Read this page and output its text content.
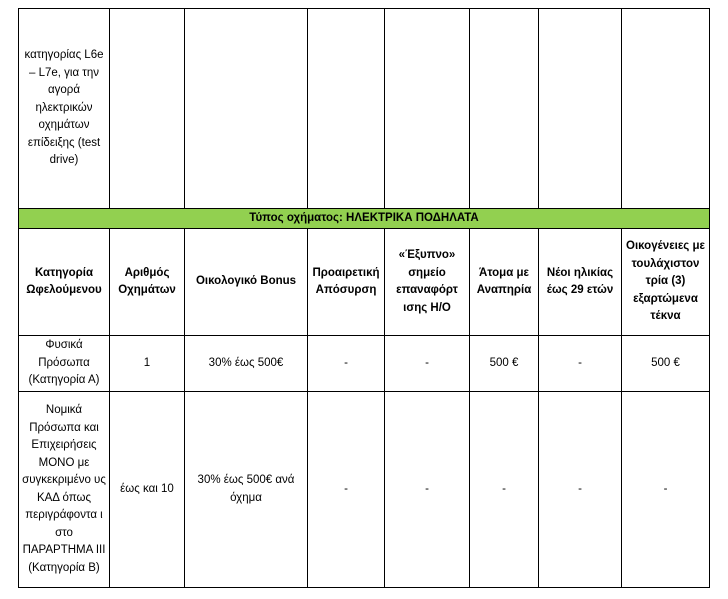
κατηγορίας L6e – L7e, για την αγορά ηλεκτρικών οχημάτων επίδειξης (test drive)							

Τύπος οχήματος: ΗΛΕΚΤΡΙΚΑ ΠΟΔΗΛΑΤΑ							
Κατηγορία Ωφελούμενου	Αριθμός Οχημάτων	Οικολογικό Bonus	Προαιρετική Απόσυρση	«Έξυπνο» σημείο επαναφόρτ ισης Η/Ο	Άτομα με Αναπηρία	Νέοι ηλικίας έως 29 ετών	Οικογένειες με τουλάχιστον τρία (3) εξαρτώμενα τέκνα
Φυσικά Πρόσωπα (Κατηγορία Α)	1	30% έως 500€	-	-	500 €	-	500 €
Νομικά Πρόσωπα και Επιχειρήσεις ΜΟΝΟ με συγκεκριμένο υς ΚΑΔ όπως περιγράφοντα ι στο ΠΑΡΑΡΤΗΜΑ ΙΙΙ (Κατηγορία Β)	έως και 10	30% έως 500€ ανά όχημα	-	-	-	-	-
